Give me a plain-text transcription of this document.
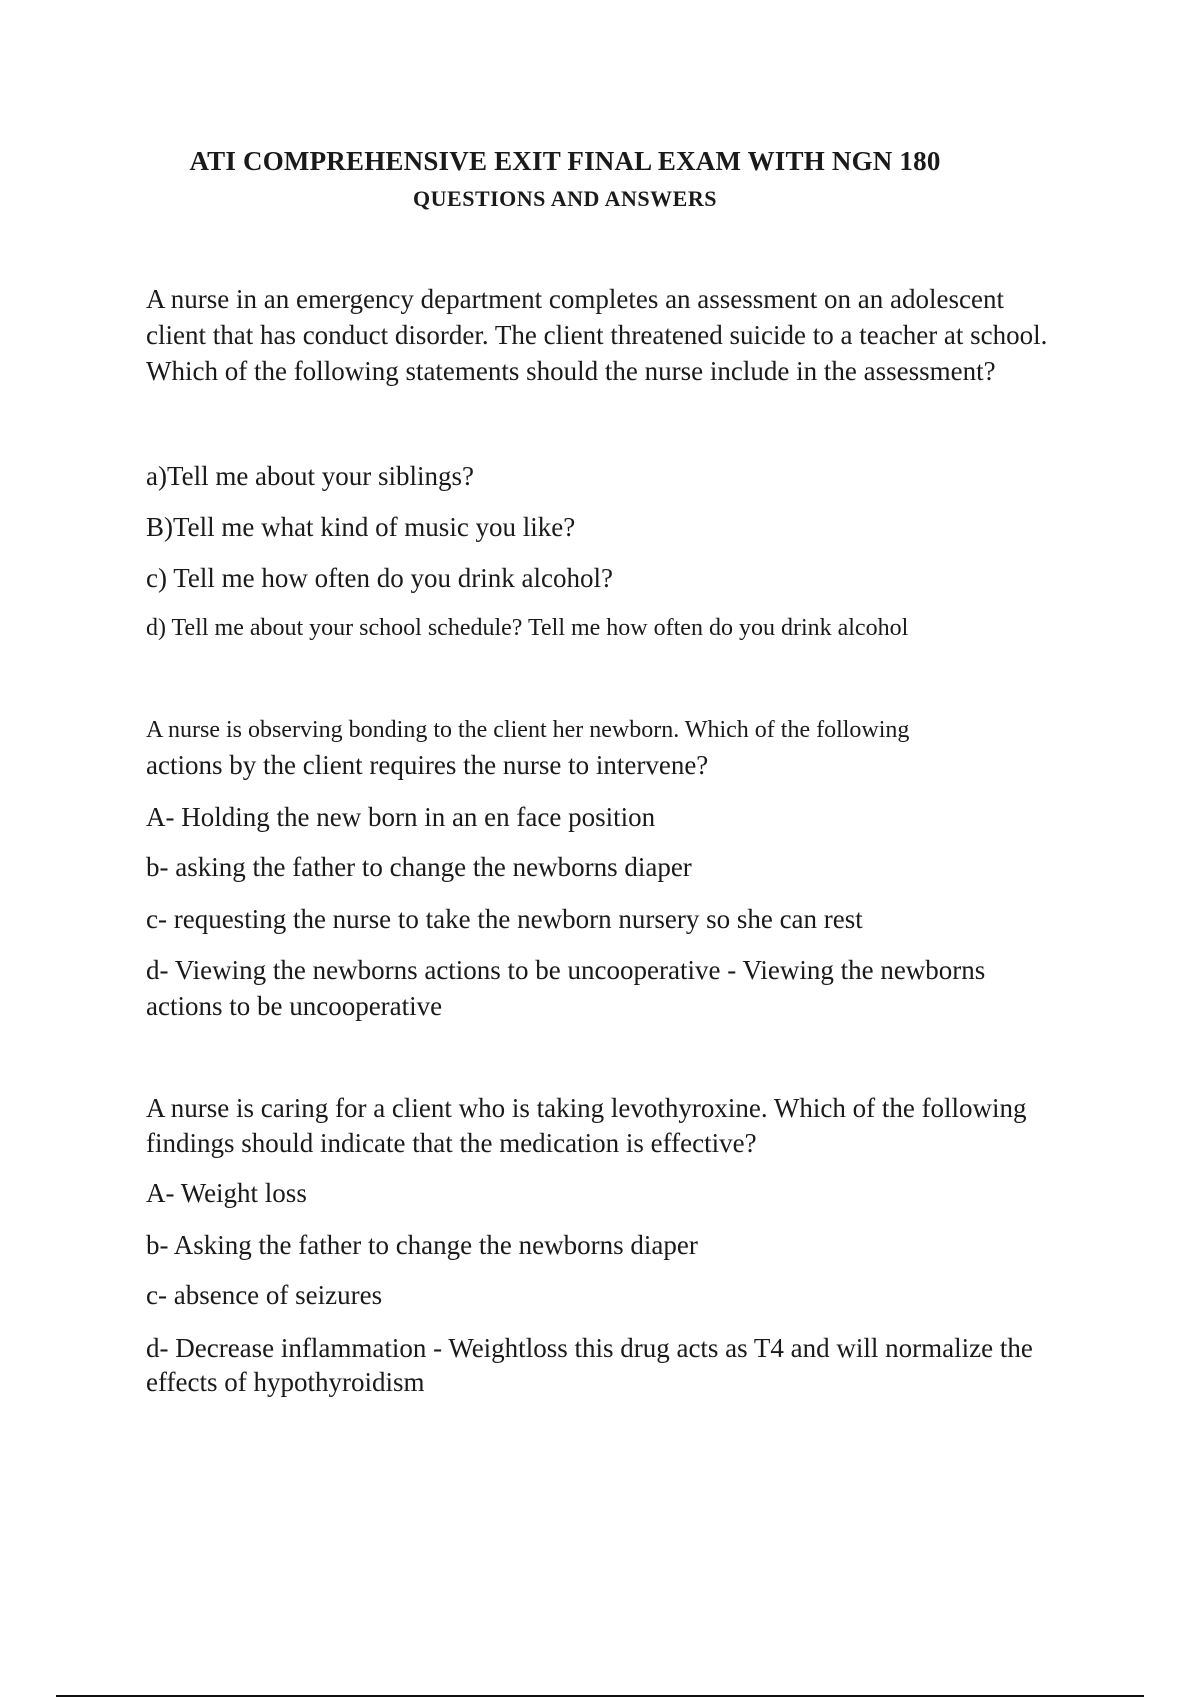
ATI COMPREHENSIVE EXIT FINAL EXAM WITH NGN 180
QUESTIONS AND ANSWERS

A nurse in an emergency department completes an assessment on an adolescent

client that has conduct disorder. The client threatened suicide to a teacher at school.

Which of the following statements should the nurse include in the assessment?

a)Tell me about your siblings?

B)Tell me what kind of music you like?

c) Tell me how often do you drink alcohol?

d) Tell me about your school schedule? Tell me how often do you drink alcohol

A nurse is observing bonding to the client her newborn. Which of the following

actions by the client requires the nurse to intervene?

A- Holding the new born in an en face position

b- asking the father to change the newborns diaper

c- requesting the nurse to take the newborn nursery so she can rest

d- Viewing the newborns actions to be uncooperative - Viewing the newborns

actions to be uncooperative

A nurse is caring for a client who is taking levothyroxine. Which of the following

findings should indicate that the medication is effective?

A- Weight loss

b- Asking the father to change the newborns diaper

c- absence of seizures

d- Decrease inflammation - Weightloss this drug acts as T4 and will normalize the

effects of hypothyroidism
